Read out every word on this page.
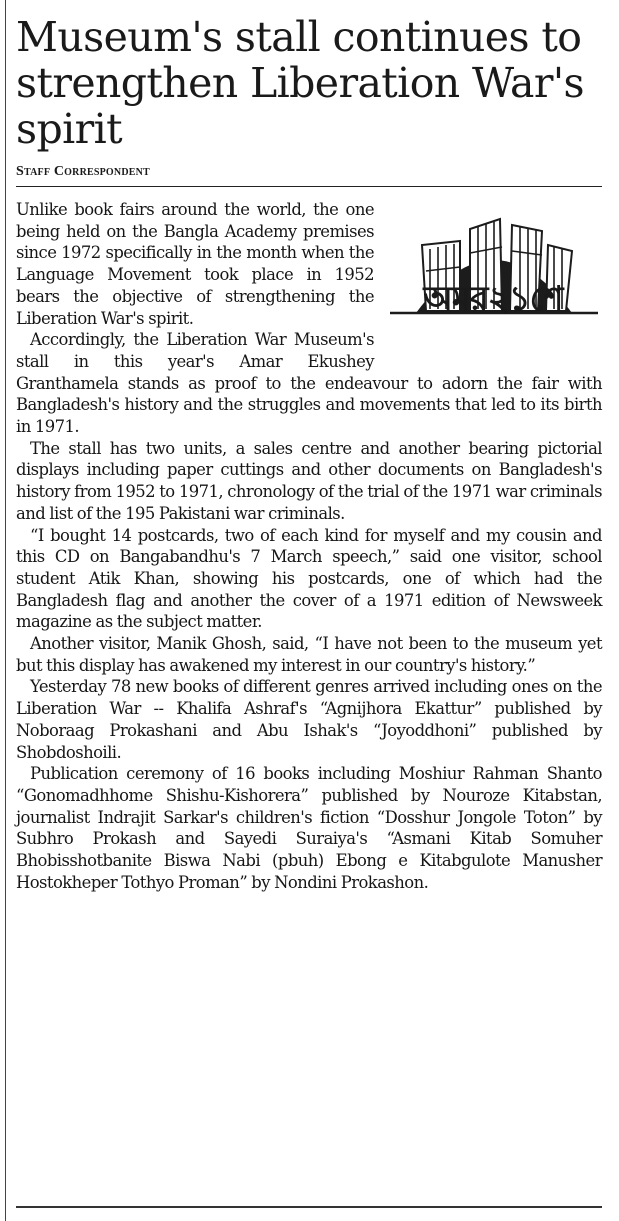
Museum's stall continues to strengthen Liberation War's spirit
Staff Correspondent
অমর২১শে

Unlike book fairs around the world, the one being held on the Bangla Academy premises since 1972 specifically in the month when the Language Movement took place in 1952 bears the objective of strengthening the Liberation War's spirit.

Accordingly, the Liberation War Museum's stall in this year's Amar Ekushey Granthamela stands as proof to the endeavour to adorn the fair with Bangladesh's history and the struggles and movements that led to its birth in 1971.

The stall has two units, a sales centre and another bearing pictorial displays including paper cuttings and other documents on Bangladesh's history from 1952 to 1971, chronology of the trial of the 1971 war criminals and list of the 195 Pakistani war criminals.

“I bought 14 postcards, two of each kind for myself and my cousin and this CD on Bangabandhu's 7 March speech,” said one visitor, school student Atik Khan, showing his postcards, one of which had the Bangladesh flag and another the cover of a 1971 edition of Newsweek magazine as the subject matter.

Another visitor, Manik Ghosh, said, “I have not been to the museum yet but this display has awakened my interest in our country's history.”

Yesterday 78 new books of different genres arrived including ones on the Liberation War -- Khalifa Ashraf's “Agnijhora Ekattur” published by Noboraag Prokashani and Abu Ishak's “Joyoddhoni” published by Shobdoshoili.

Publication ceremony of 16 books including Moshiur Rahman Shanto “Gonomadhhome Shishu-Kishorera” published by Nouroze Kitabstan, journalist Indrajit Sarkar's children's fiction “Dosshur Jongole Toton” by Subhro Prokash and Sayedi Suraiya's “Asmani Kitab Somuher Bhobisshotbanite Biswa Nabi (pbuh) Ebong e Kitabgulote Manusher Hostokheper Tothyo Proman” by Nondini Prokashon.
